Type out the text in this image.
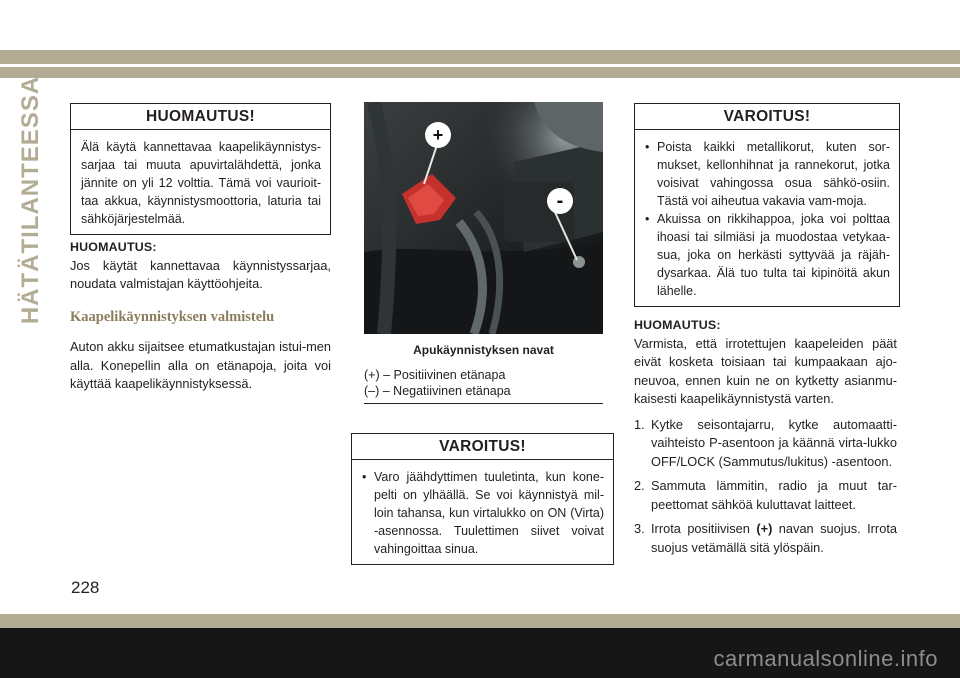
HÄTÄTILANTEESSA	HUOMAUTUS!
Älä käytä kannettavaa kaapelikäynnistys-sarjaa tai muuta apuvirtalähdettä, jonka jännite on yli 12 volttia. Tämä voi vaurioit-taa akkua, käynnistysmoottoria, laturia tai sähköjärjestelmää.
HUOMAUTUS:

Jos käytät kannettavaa käynnistyssarjaa, noudata valmistajan käyttöohjeita.

Kaapelikäynnistyksen valmistelu

Auton akku sijaitsee etumatkustajan istui-men alla. Konepellin alla on etänapoja, joita voi käyttää kaapelikäynnistyksessä.

+
-
Apukäynnistyksen navat
(+) – Positiivinen etänapa
(–) – Negatiivinen etänapa
VAROITUS!
• Varo jäähdyttimen tuuletinta, kun kone-pelti on ylhäällä. Se voi käynnistyä mil-loin tahansa, kun virtalukko on ON (Virta) -asennossa. Tuulettimen siivet voivat vahingoittaa sinua.
VAROITUS!
• Poista kaikki metallikorut, kuten sor-mukset, kellonhihnat ja rannekorut, jotka voisivat vahingossa osua sähkö-osiin. Tästä voi aiheutua vakavia vam-moja.
• Akuissa on rikkihappoa, joka voi polttaa ihoasi tai silmiäsi ja muodostaa vetykaa-sua, joka on herkästi syttyvää ja räjäh-dysarkaa. Älä tuo tulta tai kipinöitä akun lähelle.
HUOMAUTUS:

Varmista, että irrotettujen kaapeleiden päät eivät kosketa toisiaan tai kumpaakaan ajo-neuvoa, ennen kuin ne on kytketty asianmu-kaisesti kaapelikäynnistystä varten.

1. Kytke seisontajarru, kytke automaatti-vaihteisto P-asentoon ja käännä virta-lukko OFF/LOCK (Sammutus/lukitus) -asentoon.

2. Sammuta lämmitin, radio ja muut tar-peettomat sähköä kuluttavat laitteet.

3. Irrota positiivisen (+) navan suojus. Irrota suojus vetämällä sitä ylöspäin.

228
carmanualsonline.info
